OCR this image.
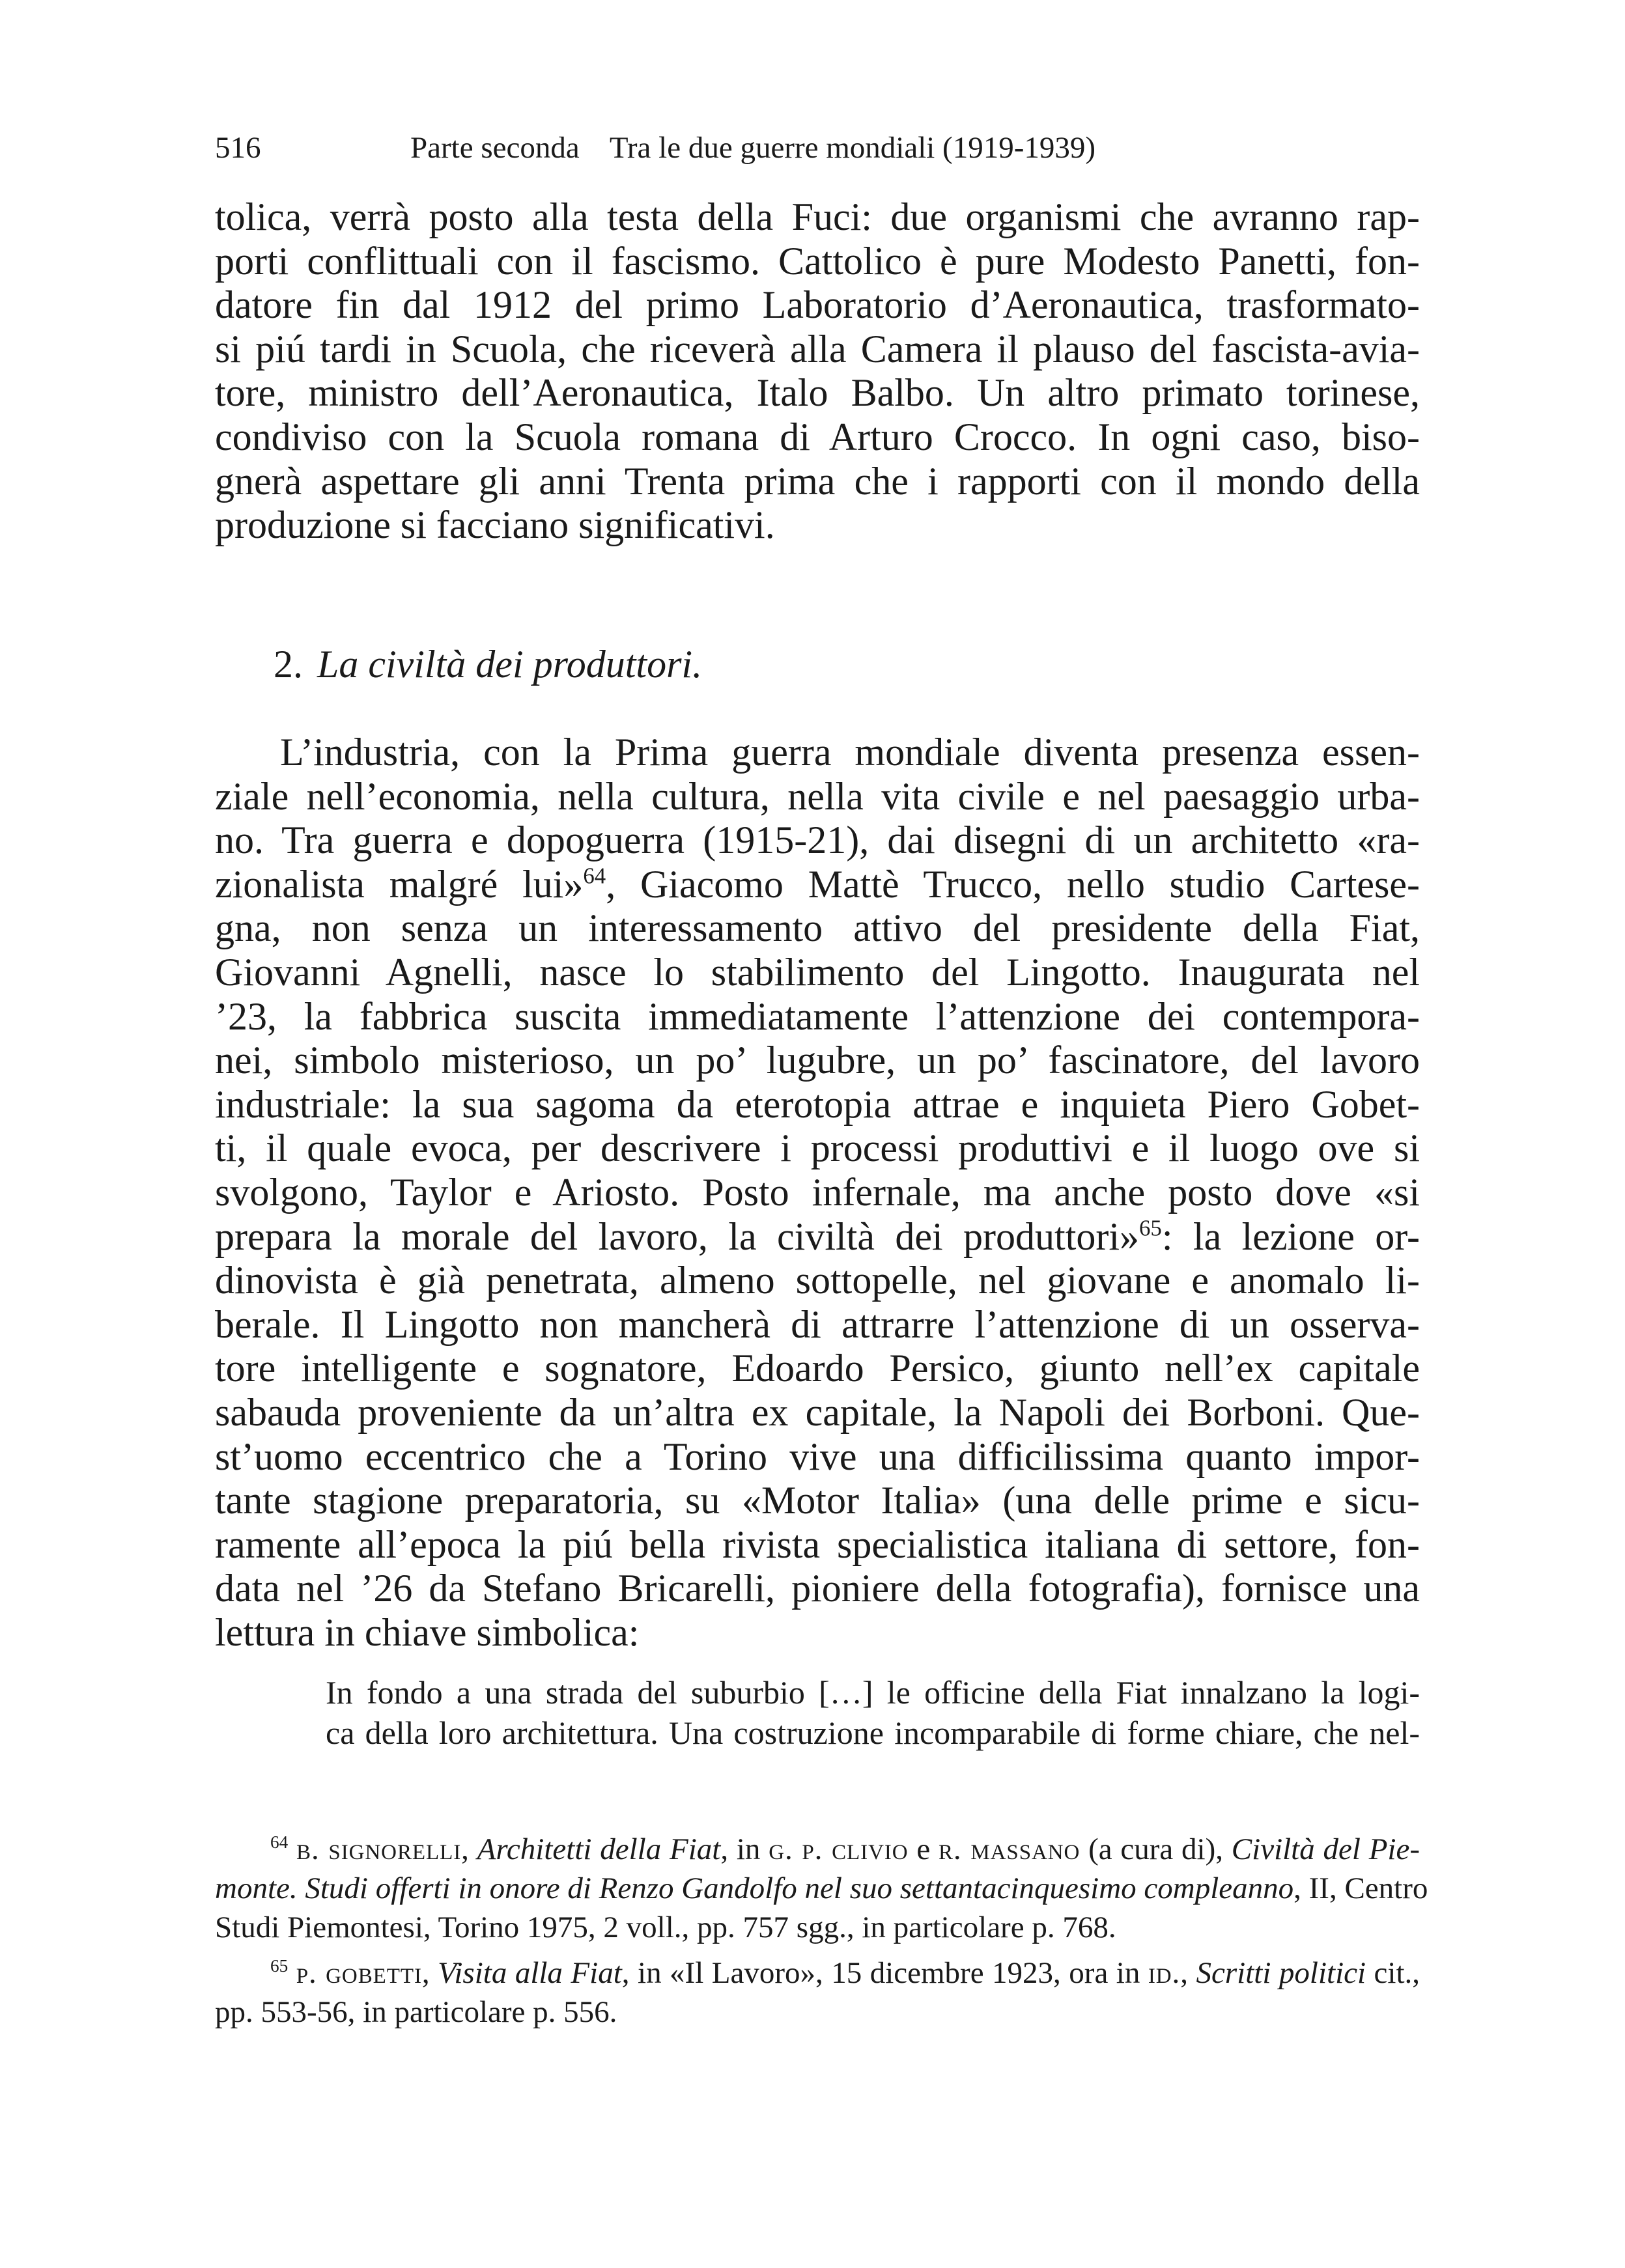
516	Parte seconda    Tra le due guerre mondiali (1919-1939)
tolica, verrà posto alla testa della Fuci: due organismi che avranno rap-
porti conflittuali con il fascismo. Cattolico è pure Modesto Panetti, fon-
datore fin dal 1912 del primo Laboratorio d’Aeronautica, trasformato-
si piú tardi in Scuola, che riceverà alla Camera il plauso del fascista-avia-
tore, ministro dell’Aeronautica, Italo Balbo. Un altro primato torinese,
condiviso con la Scuola romana di Arturo Crocco. In ogni caso, biso-
gnerà aspettare gli anni Trenta prima che i rapporti con il mondo della
produzione si facciano significativi.
2. La civiltà dei produttori.
L’industria, con la Prima guerra mondiale diventa presenza essen-
ziale nell’economia, nella cultura, nella vita civile e nel paesaggio urba-
no. Tra guerra e dopoguerra (1915-21), dai disegni di un architetto «ra-
zionalista malgré lui»$^{64}$, Giacomo Mattè Trucco, nello studio Cartese-
gna, non senza un interessamento attivo del presidente della Fiat,
Giovanni Agnelli, nasce lo stabilimento del Lingotto. Inaugurata nel
’23, la fabbrica suscita immediatamente l’attenzione dei contempora-
nei, simbolo misterioso, un po’ lugubre, un po’ fascinatore, del lavoro
industriale: la sua sagoma da eterotopia attrae e inquieta Piero Gobet-
ti, il quale evoca, per descrivere i processi produttivi e il luogo ove si
svolgono, Taylor e Ariosto. Posto infernale, ma anche posto dove «si
prepara la morale del lavoro, la civiltà dei produttori»$^{65}$: la lezione or-
dinovista è già penetrata, almeno sottopelle, nel giovane e anomalo li-
berale. Il Lingotto non mancherà di attrarre l’attenzione di un osserva-
tore intelligente e sognatore, Edoardo Persico, giunto nell’ex capitale
sabauda proveniente da un’altra ex capitale, la Napoli dei Borboni. Que-
st’uomo eccentrico che a Torino vive una difficilissima quanto impor-
tante stagione preparatoria, su «Motor Italia» (una delle prime e sicu-
ramente all’epoca la piú bella rivista specialistica italiana di settore, fon-
data nel ’26 da Stefano Bricarelli, pioniere della fotografia), fornisce una
lettura in chiave simbolica:
In fondo a una strada del suburbio […] le officine della Fiat innalzano la logi-
ca della loro architettura. Una costruzione incomparabile di forme chiare, che nel-
$^{64}$ b. signorelli, Architetti della Fiat, in g. p. clivio e r. massano (a cura di), Civiltà del Pie-
monte. Studi offerti in onore di Renzo Gandolfo nel suo settantacinquesimo compleanno, II, Centro
Studi Piemontesi, Torino 1975, 2 voll., pp. 757 sgg., in particolare p. 768.
$^{65}$ p. gobetti, Visita alla Fiat, in «Il Lavoro», 15 dicembre 1923, ora in id., Scritti politici cit.,
pp. 553-56, in particolare p. 556.
